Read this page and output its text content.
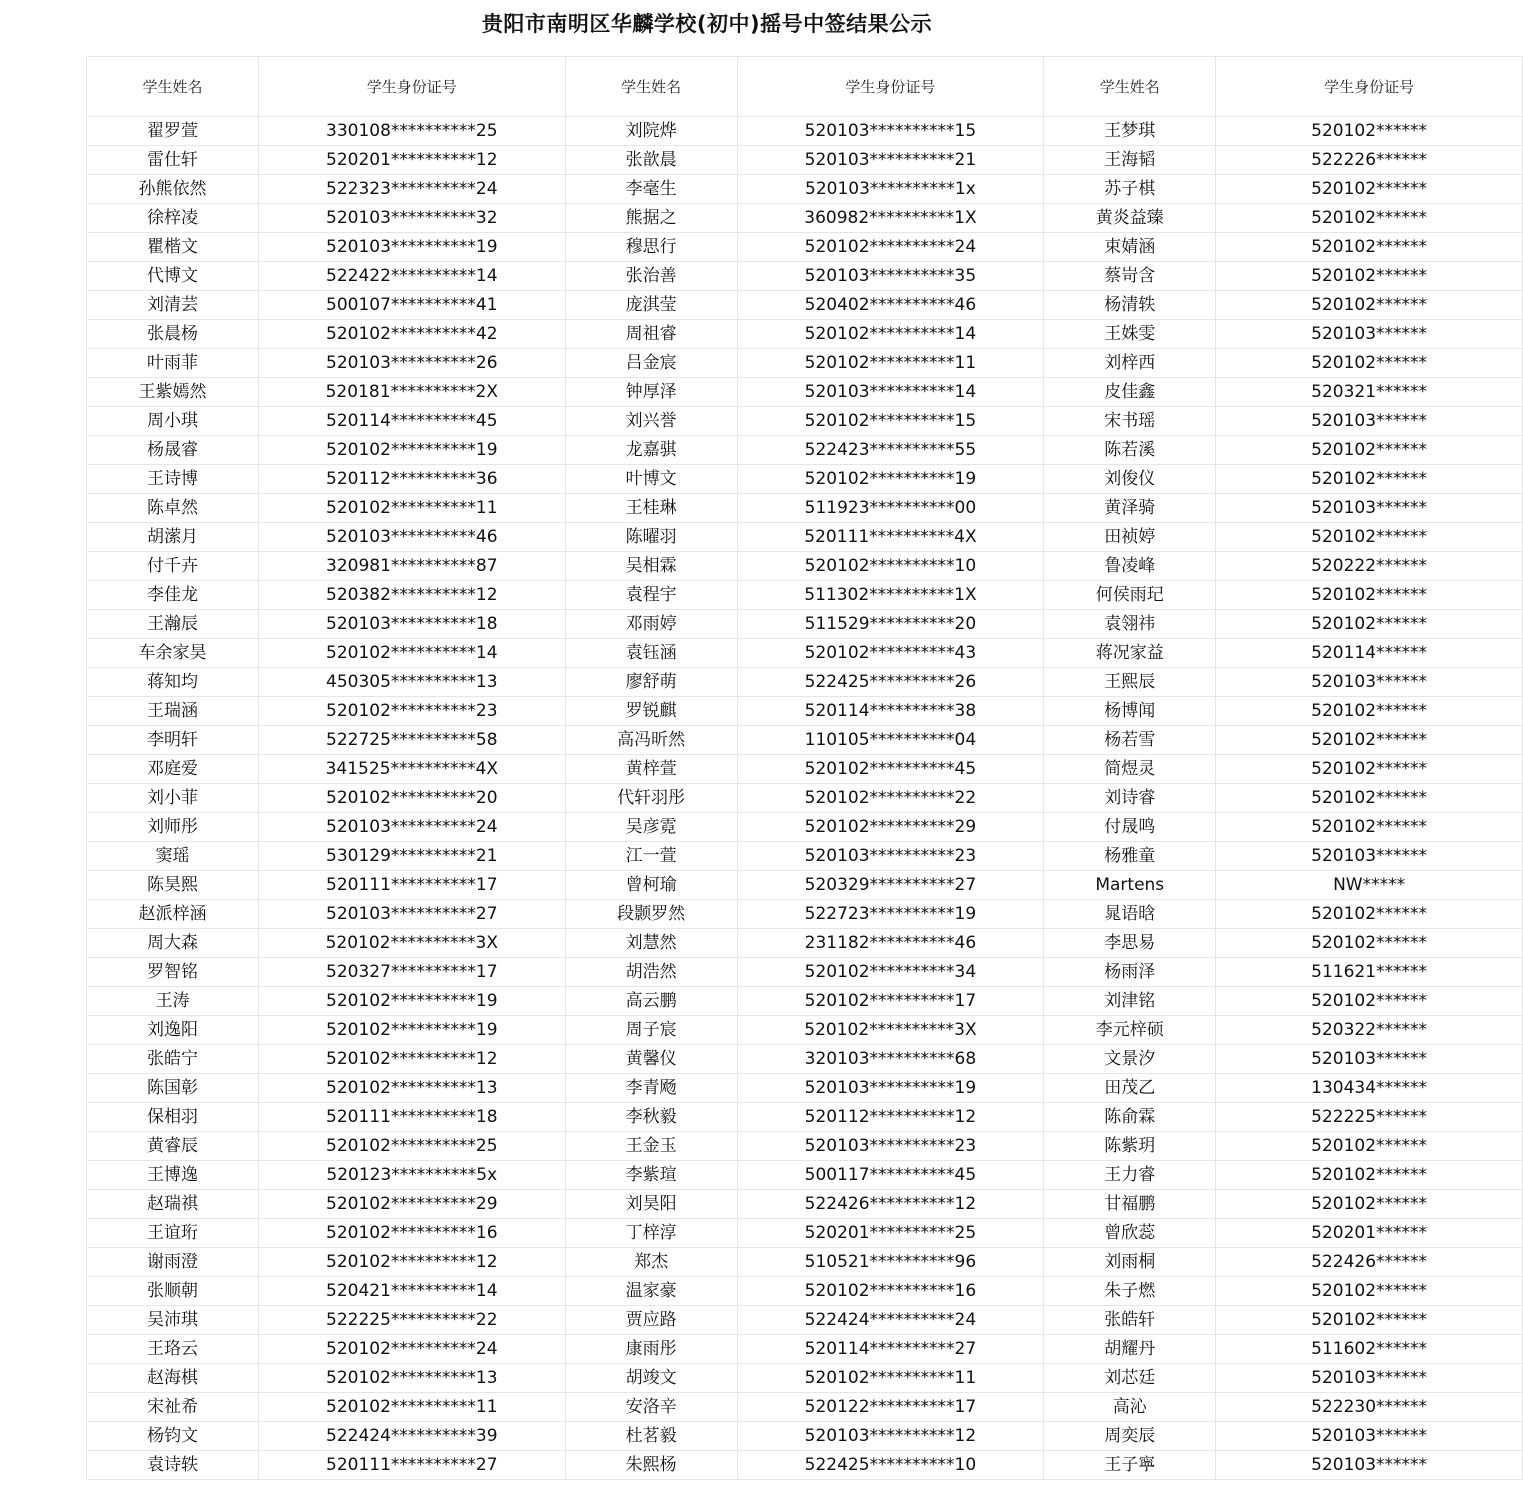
贵阳市南明区华麟学校(初中)摇号中签结果公示
学生姓名	学生身份证号	学生姓名	学生身份证号	学生姓名	学生身份证号
翟罗萱	330108**********25	刘院烨	520103**********15	王梦琪	520102******
雷仕轩	520201**********12	张歆晨	520103**********21	王海韬	522226******
孙熊依然	522323**********24	李毫生	520103**********1x	苏子棋	520102******
徐梓凌	520103**********32	熊据之	360982**********1X	黄炎益臻	520102******
瞿楷文	520103**********19	穆思行	520102**********24	束婧涵	520102******
代博文	522422**********14	张治善	520103**********35	蔡岢含	520102******
刘清芸	500107**********41	庞淇莹	520402**********46	杨清轶	520102******
张晨杨	520102**********42	周祖睿	520102**********14	王姝雯	520103******
叶雨菲	520103**********26	吕金宸	520102**********11	刘梓西	520102******
王紫嫣然	520181**********2X	钟厚泽	520103**********14	皮佳鑫	520321******
周小琪	520114**********45	刘兴誉	520102**********15	宋书瑶	520103******
杨晟睿	520102**********19	龙嘉骐	522423**********55	陈若溪	520102******
王诗博	520112**********36	叶博文	520102**********19	刘俊仪	520102******
陈卓然	520102**********11	王桂琳	511923**********00	黄泽骑	520103******
胡潆月	520103**********46	陈曜羽	520111**********4X	田祯婷	520102******
付千卉	320981**********87	吴相霖	520102**********10	鲁凌峰	520222******
李佳龙	520382**********12	袁程宇	511302**********1X	何侯雨玘	520102******
王瀚辰	520103**********18	邓雨婷	511529**********20	袁翎祎	520102******
车余家昊	520102**********14	袁钰涵	520102**********43	蒋况家益	520114******
蒋知均	450305**********13	廖舒萌	522425**********26	王熙辰	520103******
王瑞涵	520102**********23	罗锐麒	520114**********38	杨博闻	520102******
李明轩	522725**********58	高冯昕然	110105**********04	杨若雪	520102******
邓庭爱	341525**********4X	黄梓萱	520102**********45	简煜灵	520102******
刘小菲	520102**********20	代轩羽彤	520102**********22	刘诗睿	520102******
刘师彤	520103**********24	吴彦霓	520102**********29	付晟鸣	520102******
窦瑶	530129**********21	江一萱	520103**********23	杨雅童	520103******
陈昊熙	520111**********17	曾柯瑜	520329**********27	Martens	NW*****
赵派梓涵	520103**********27	段颢罗然	522723**********19	晁语晗	520102******
周大森	520102**********3X	刘慧然	231182**********46	李思易	520102******
罗智铭	520327**********17	胡浩然	520102**********34	杨雨泽	511621******
王涛	520102**********19	高云鹏	520102**********17	刘津铭	520102******
刘逸阳	520102**********19	周子宸	520102**********3X	李元梓硕	520322******
张皓宁	520102**********12	黄馨仪	320103**********68	文景汐	520103******
陈国彰	520102**********13	李青飏	520103**********19	田茂乙	130434******
保相羽	520111**********18	李秋毅	520112**********12	陈俞霖	522225******
黄睿辰	520102**********25	王金玉	520103**********23	陈紫玥	520102******
王博逸	520123**********5x	李紫瑄	500117**********45	王力睿	520102******
赵瑞祺	520102**********29	刘昊阳	522426**********12	甘福鹏	520102******
王谊珩	520102**********16	丁梓淳	520201**********25	曾欣蕊	520201******
谢雨澄	520102**********12	郑杰	510521**********96	刘雨桐	522426******
张顺朝	520421**********14	温家豪	520102**********16	朱子燃	520102******
吴沛琪	522225**********22	贾应路	522424**********24	张皓轩	520102******
王珞云	520102**********24	康雨彤	520114**********27	胡耀丹	511602******
赵海棋	520102**********13	胡竣文	520102**********11	刘芯廷	520103******
宋祉希	520102**********11	安洛辛	520122**********17	高沁	522230******
杨钧文	522424**********39	杜茗毅	520103**********12	周奕辰	520103******
袁诗轶	520111**********27	朱熙杨	522425**********10	王子寧	520103******
